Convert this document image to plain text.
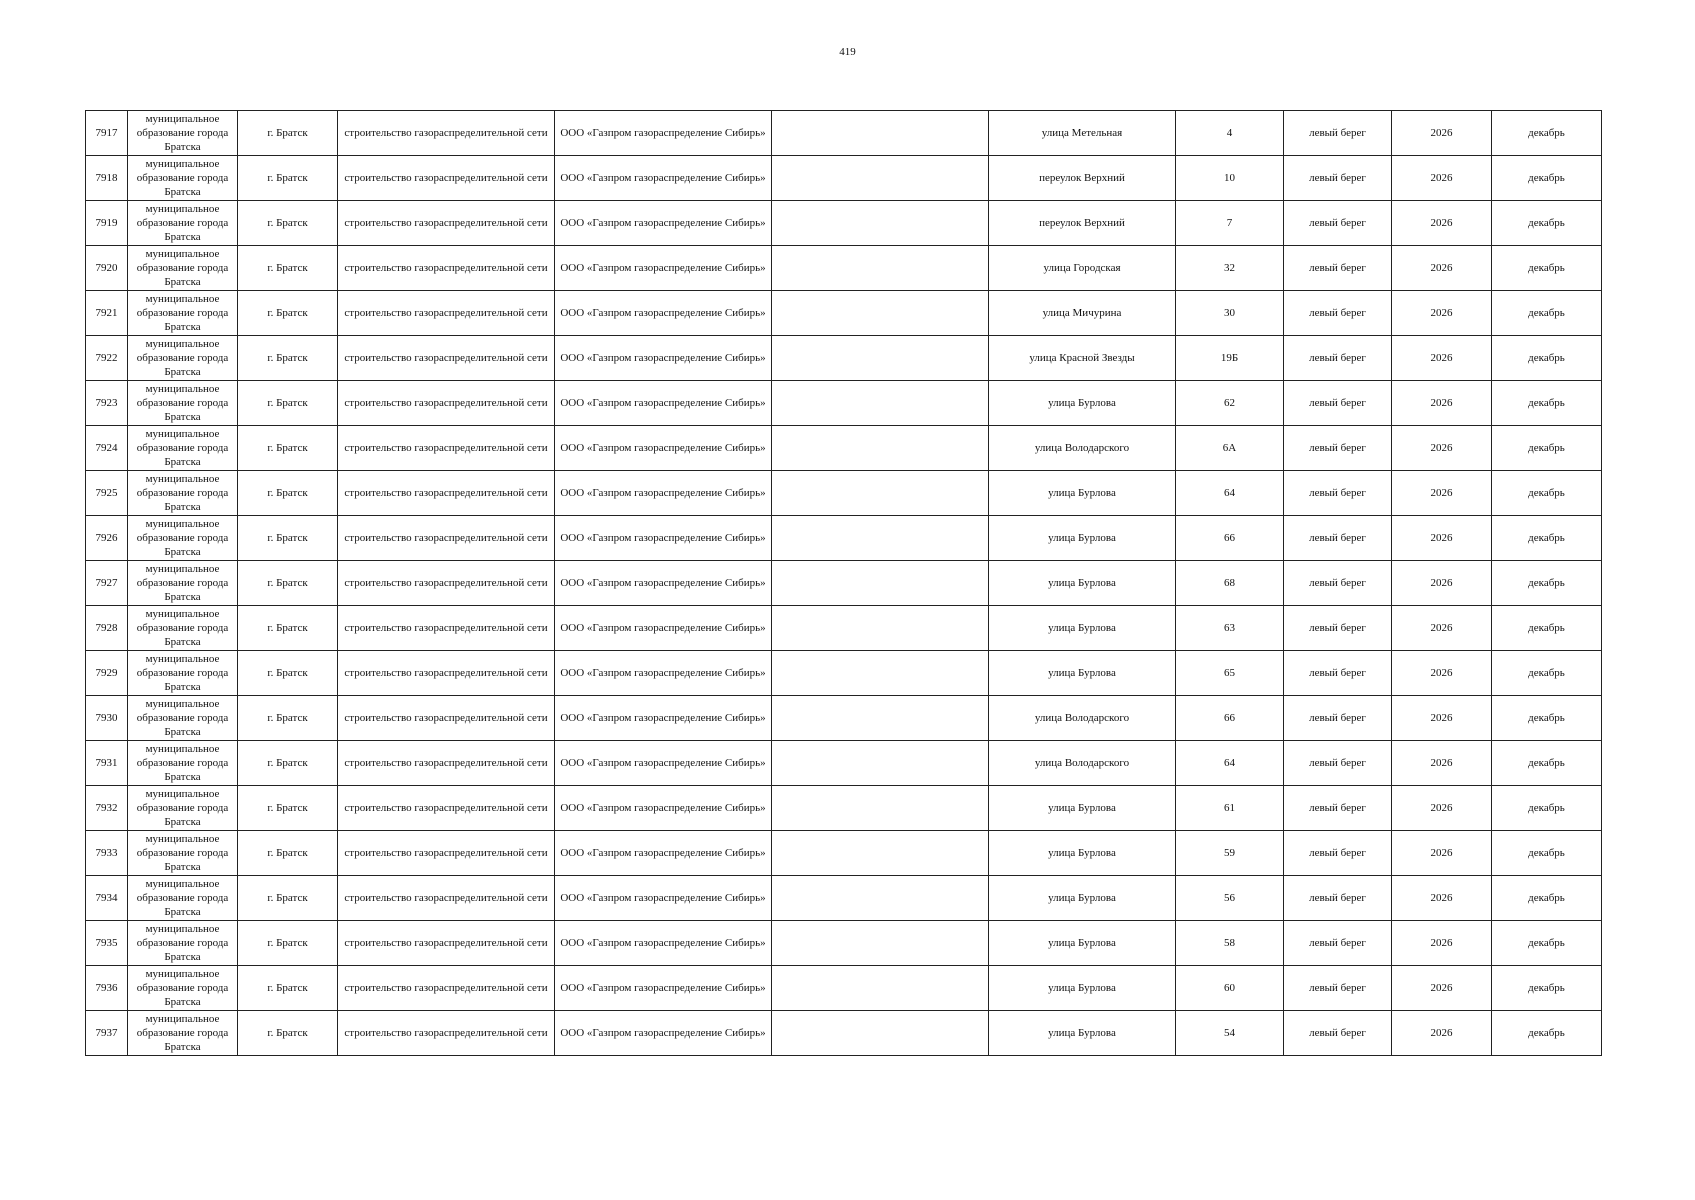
419
7917	муниципальное образование города Братска	г. Братск	строительство газораспределительной сети	ООО «Газпром газораспределение Сибирь»		улица Метельная	4	левый берег	2026	декабрь
7918	муниципальное образование города Братска	г. Братск	строительство газораспределительной сети	ООО «Газпром газораспределение Сибирь»		переулок Верхний	10	левый берег	2026	декабрь
7919	муниципальное образование города Братска	г. Братск	строительство газораспределительной сети	ООО «Газпром газораспределение Сибирь»		переулок Верхний	7	левый берег	2026	декабрь
7920	муниципальное образование города Братска	г. Братск	строительство газораспределительной сети	ООО «Газпром газораспределение Сибирь»		улица Городская	32	левый берег	2026	декабрь
7921	муниципальное образование города Братска	г. Братск	строительство газораспределительной сети	ООО «Газпром газораспределение Сибирь»		улица Мичурина	30	левый берег	2026	декабрь
7922	муниципальное образование города Братска	г. Братск	строительство газораспределительной сети	ООО «Газпром газораспределение Сибирь»		улица Красной Звезды	19Б	левый берег	2026	декабрь
7923	муниципальное образование города Братска	г. Братск	строительство газораспределительной сети	ООО «Газпром газораспределение Сибирь»		улица Бурлова	62	левый берег	2026	декабрь
7924	муниципальное образование города Братска	г. Братск	строительство газораспределительной сети	ООО «Газпром газораспределение Сибирь»		улица Володарского	6А	левый берег	2026	декабрь
7925	муниципальное образование города Братска	г. Братск	строительство газораспределительной сети	ООО «Газпром газораспределение Сибирь»		улица Бурлова	64	левый берег	2026	декабрь
7926	муниципальное образование города Братска	г. Братск	строительство газораспределительной сети	ООО «Газпром газораспределение Сибирь»		улица Бурлова	66	левый берег	2026	декабрь
7927	муниципальное образование города Братска	г. Братск	строительство газораспределительной сети	ООО «Газпром газораспределение Сибирь»		улица Бурлова	68	левый берег	2026	декабрь
7928	муниципальное образование города Братска	г. Братск	строительство газораспределительной сети	ООО «Газпром газораспределение Сибирь»		улица Бурлова	63	левый берег	2026	декабрь
7929	муниципальное образование города Братска	г. Братск	строительство газораспределительной сети	ООО «Газпром газораспределение Сибирь»		улица Бурлова	65	левый берег	2026	декабрь
7930	муниципальное образование города Братска	г. Братск	строительство газораспределительной сети	ООО «Газпром газораспределение Сибирь»		улица Володарского	66	левый берег	2026	декабрь
7931	муниципальное образование города Братска	г. Братск	строительство газораспределительной сети	ООО «Газпром газораспределение Сибирь»		улица Володарского	64	левый берег	2026	декабрь
7932	муниципальное образование города Братска	г. Братск	строительство газораспределительной сети	ООО «Газпром газораспределение Сибирь»		улица Бурлова	61	левый берег	2026	декабрь
7933	муниципальное образование города Братска	г. Братск	строительство газораспределительной сети	ООО «Газпром газораспределение Сибирь»		улица Бурлова	59	левый берег	2026	декабрь
7934	муниципальное образование города Братска	г. Братск	строительство газораспределительной сети	ООО «Газпром газораспределение Сибирь»		улица Бурлова	56	левый берег	2026	декабрь
7935	муниципальное образование города Братска	г. Братск	строительство газораспределительной сети	ООО «Газпром газораспределение Сибирь»		улица Бурлова	58	левый берег	2026	декабрь
7936	муниципальное образование города Братска	г. Братск	строительство газораспределительной сети	ООО «Газпром газораспределение Сибирь»		улица Бурлова	60	левый берег	2026	декабрь
7937	муниципальное образование города Братска	г. Братск	строительство газораспределительной сети	ООО «Газпром газораспределение Сибирь»		улица Бурлова	54	левый берег	2026	декабрь
